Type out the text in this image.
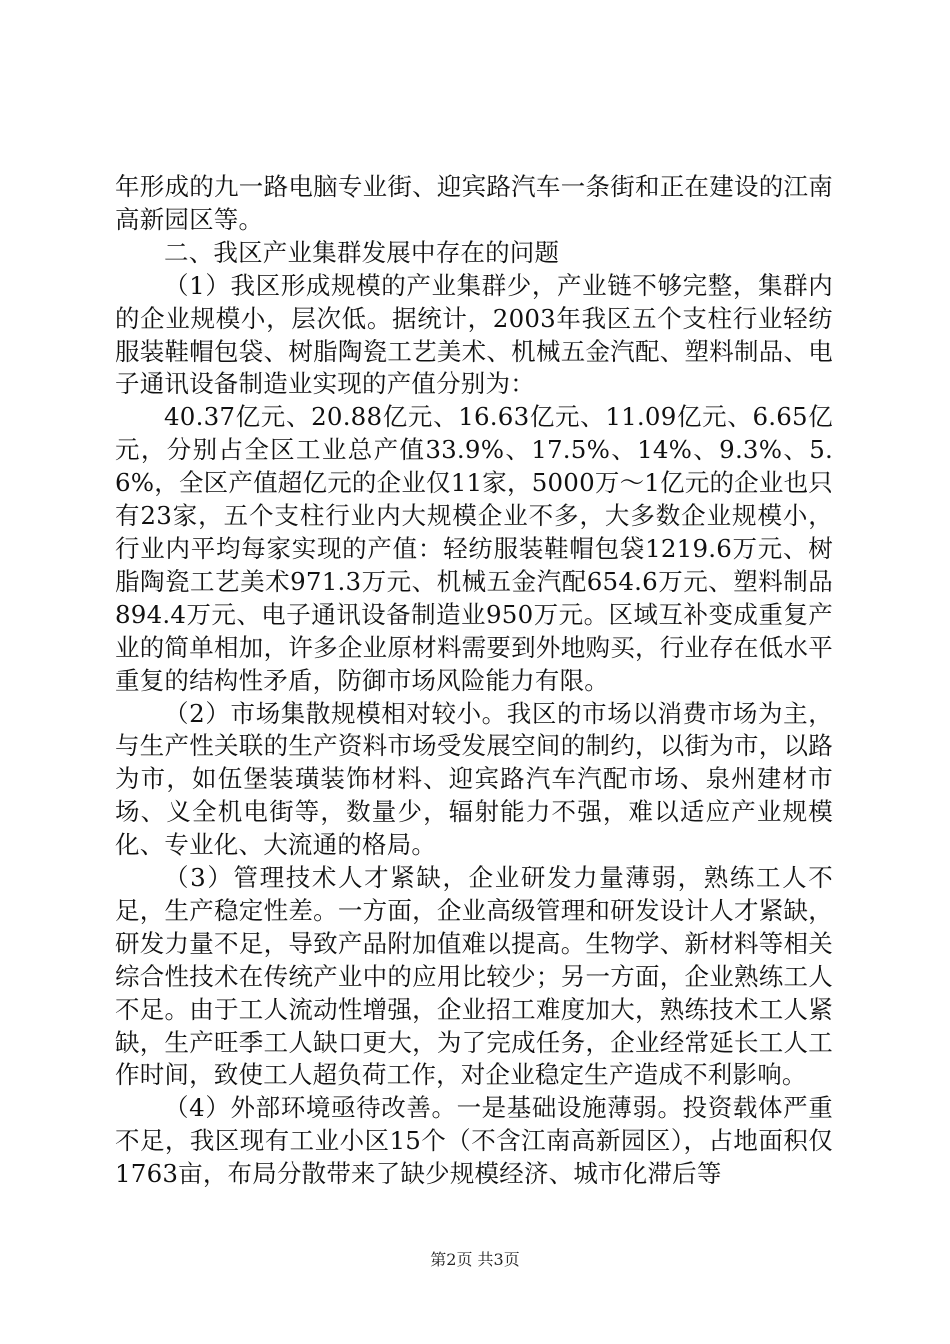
年形成的九一路电脑专业街、迎宾路汽车一条街和正在建设的江南高新园区等。

二、我区产业集群发展中存在的问题

（1）我区形成规模的产业集群少，产业链不够完整，集群内的企业规模小，层次低。据统计，2003年我区五个支柱行业轻纺服装鞋帽包袋、树脂陶瓷工艺美术、机械五金汽配、塑料制品、电子通讯设备制造业实现的产值分别为：

40.37亿元、20.88亿元、16.63亿元、11.09亿元、6.65亿元，分别占全区工业总产值33.9%、17.5%、14%、9.3%、5.6%，全区产值超亿元的企业仅11家，5000万～1亿元的企业也只有23家，五个支柱行业内大规模企业不多，大多数企业规模小，行业内平均每家实现的产值：轻纺服装鞋帽包袋1219.6万元、树脂陶瓷工艺美术971.3万元、机械五金汽配654.6万元、塑料制品894.4万元、电子通讯设备制造业950万元。区域互补变成重复产业的简单相加，许多企业原材料需要到外地购买，行业存在低水平重复的结构性矛盾，防御市场风险能力有限。

（2）市场集散规模相对较小。我区的市场以消费市场为主，与生产性关联的生产资料市场受发展空间的制约，以街为市，以路为市，如伍堡装璜装饰材料、迎宾路汽车汽配市场、泉州建材市场、义全机电街等，数量少，辐射能力不强，难以适应产业规模化、专业化、大流通的格局。

（3）管理技术人才紧缺，企业研发力量薄弱，熟练工人不足，生产稳定性差。一方面，企业高级管理和研发设计人才紧缺，研发力量不足，导致产品附加值难以提高。生物学、新材料等相关综合性技术在传统产业中的应用比较少；另一方面，企业熟练工人不足。由于工人流动性增强，企业招工难度加大，熟练技术工人紧缺，生产旺季工人缺口更大，为了完成任务，企业经常延长工人工作时间，致使工人超负荷工作，对企业稳定生产造成不利影响。

（4）外部环境亟待改善。一是基础设施薄弱。投资载体严重不足，我区现有工业小区15个（不含江南高新园区），占地面积仅1763亩，布局分散带来了缺少规模经济、城市化滞后等

第2页 共3页
